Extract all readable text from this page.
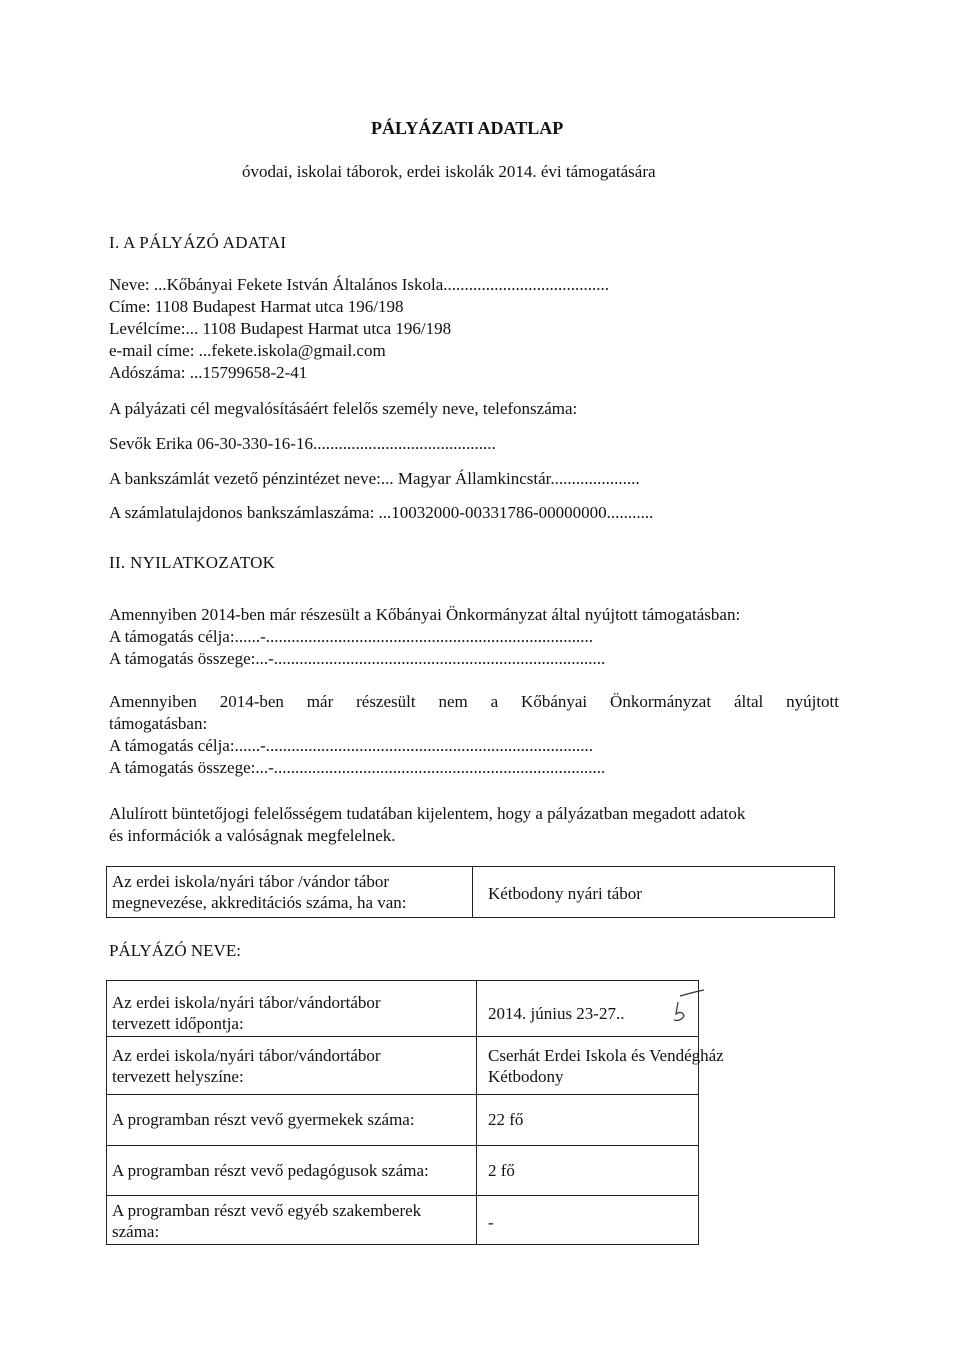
PÁLYÁZATI ADATLAP
óvodai, iskolai táborok, erdei iskolák 2014. évi támogatására
I. A PÁLYÁZÓ ADATAI
Neve: ...Kőbányai Fekete István Általános Iskola.......................................
Címe: 1108 Budapest Harmat utca 196/198
Levélcíme:... 1108 Budapest Harmat utca 196/198
e-mail címe: ...fekete.iskola@gmail.com
Adószáma: ...15799658-2-41
A pályázati cél megvalósításáért felelős személy neve, telefonszáma:
Sevők Erika 06-30-330-16-16...........................................
A bankszámlát vezető pénzintézet neve:... Magyar Államkincstár.....................
A számlatulajdonos bankszámlaszáma: ...10032000-00331786-00000000...........
II. NYILATKOZATOK
Amennyiben 2014-ben már részesült a Kőbányai Önkormányzat által nyújtott támogatásban:
A támogatás célja:......-.............................................................................
A támogatás összege:...-..............................................................................
Amennyiben 2014-ben már részesült nem a Kőbányai Önkormányzat által nyújtott
támogatásban:
A támogatás célja:......-.............................................................................
A támogatás összege:...-..............................................................................
Alulírott büntetőjogi felelősségem tudatában kijelentem, hogy a pályázatban megadott adatok
és információk a valóságnak megfelelnek.
Az erdei iskola/nyári tábor /vándor tábor
megnevezése, akkreditációs száma, ha van:	Kétbodony nyári tábor
PÁLYÁZÓ NEVE:
Az erdei iskola/nyári tábor/vándortábor
tervezett időpontja:
2014. június 23-27..
Az erdei iskola/nyári tábor/vándortábor
tervezett helyszíne:
Cserhát Erdei Iskola és Vendégház
Kétbodony
A programban részt vevő gyermekek száma:	22 fő
A programban részt vevő pedagógusok száma:	2 fő
A programban részt vevő egyéb szakemberek
száma:	-
